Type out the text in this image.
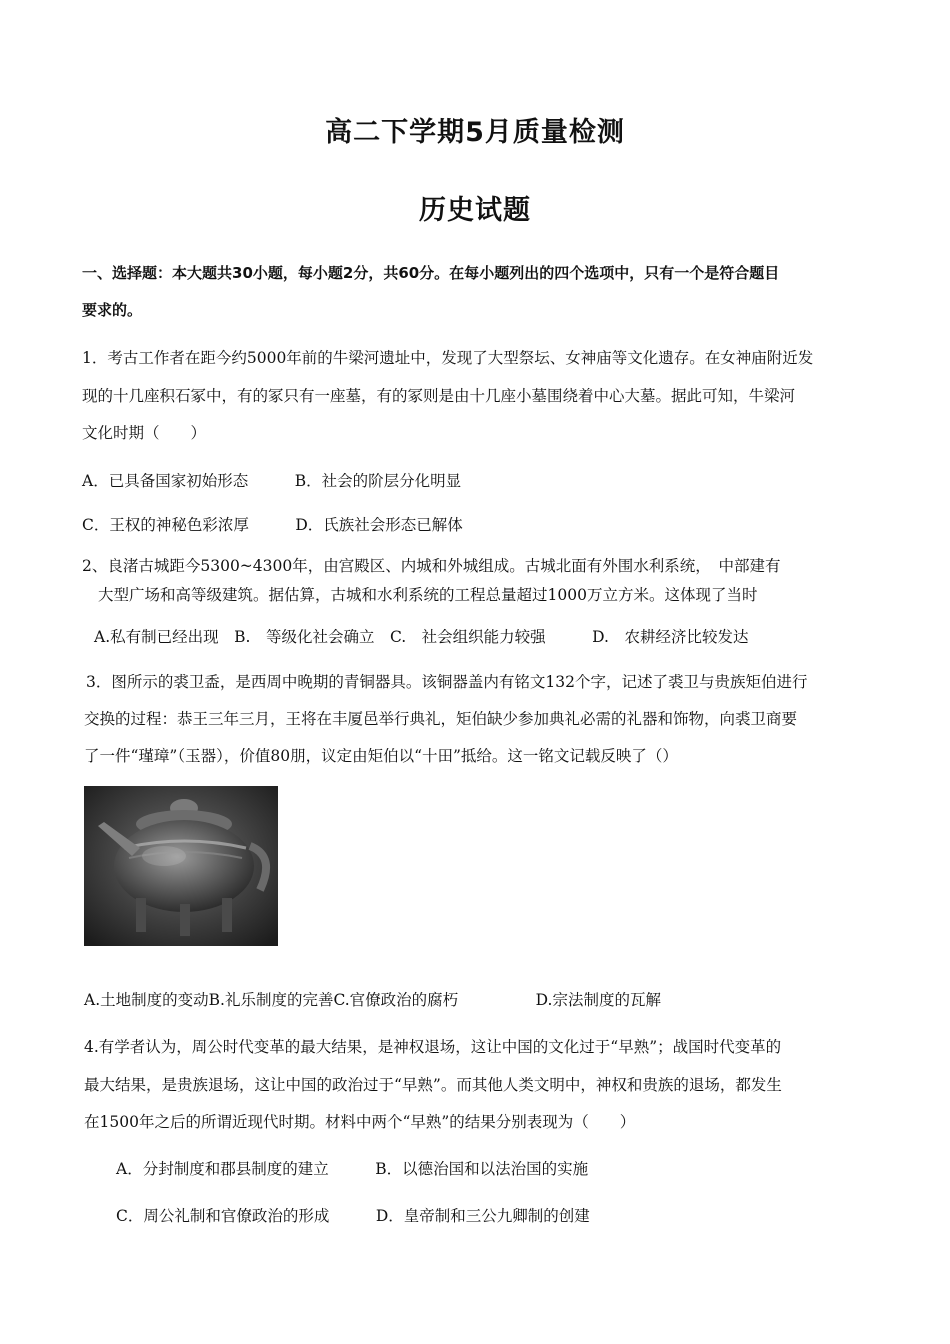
高二下学期5月质量检测
历史试题
一、选择题：本大题共30小题，每小题2分，共60分。在每小题列出的四个选项中，只有一个是符合题目
要求的。
1．考古工作者在距今约5000年前的牛梁河遗址中，发现了大型祭坛、女神庙等文化遗存。在女神庙附近发
现的十几座积石冢中，有的冢只有一座墓，有的冢则是由十几座小墓围绕着中心大墓。据此可知，牛梁河
文化时期（　　）
A．已具备国家初始形态　　　B．社会的阶层分化明显
C．王权的神秘色彩浓厚　　　D．氏族社会形态已解体
2、良渚古城距今5300~4300年，由宫殿区、内城和外城组成。古城北面有外围水利系统，　中部建有
大型广场和高等级建筑。据估算，古城和水利系统的工程总量超过1000万立方米。这体现了当时
A.私有制已经出现　B.　等级化社会确立　C.　社会组织能力较强　　　D.　农耕经济比较发达
3．图所示的裘卫盉，是西周中晚期的青铜器具。该铜器盖内有铭文132个字，记述了裘卫与贵族矩伯进行
交换的过程：恭王三年三月，王将在丰厦邑举行典礼，矩伯缺少参加典礼必需的礼器和饰物，向裘卫商要
了一件“瑾璋”（玉器），价值80朋，议定由矩伯以“十田”抵给。这一铭文记载反映了（）
A.土地制度的变动B.礼乐制度的完善C.官僚政治的腐朽　　　　　D.宗法制度的瓦解
4.有学者认为，周公时代变革的最大结果，是神权退场，这让中国的文化过于“早熟”；战国时代变革的
最大结果，是贵族退场，这让中国的政治过于“早熟”。而其他人类文明中，神权和贵族的退场，都发生
在1500年之后的所谓近现代时期。材料中两个“早熟”的结果分别表现为（　　）
A．分封制度和郡县制度的建立　　　B．以德治国和以法治国的实施
C．周公礼制和官僚政治的形成　　　D．皇帝制和三公九卿制的创建
